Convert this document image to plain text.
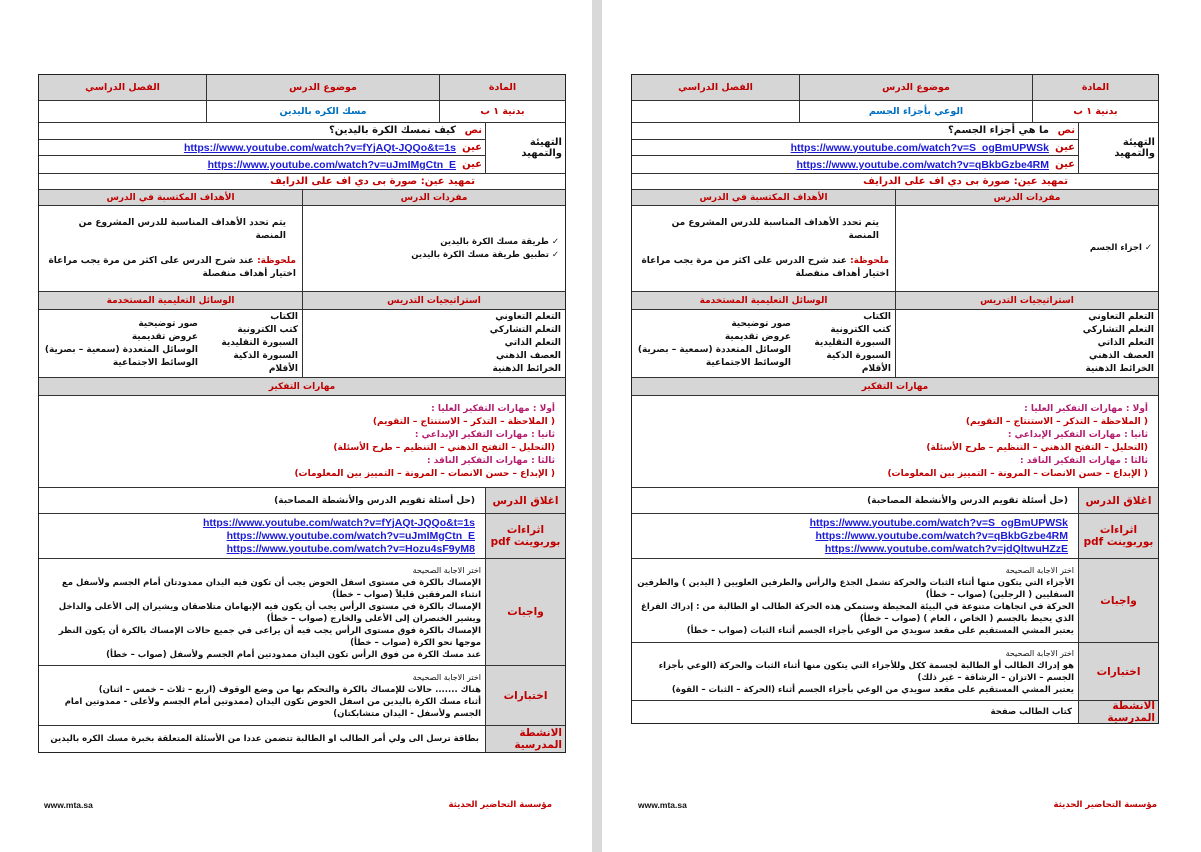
المادة
موضوع الدرس
الفصل الدراسي
بدنية ١ ب
مسك الكره باليدين
التهيئة والتمهيد
نص
كيف نمسك الكرة باليدين؟
عين
https://www.youtube.com/watch?v=fYjAQt-JQQo&t=1s
عين
https://www.youtube.com/watch?v=uJmIMgCtn_E
تمهيد عين: صورة بى دي اف على الدرايف
مفردات الدرس
الأهداف المكتسبة في الدرس
✓ طريقة مسك الكرة باليدين
✓ تطبيق طريقة مسك الكرة باليدين
يتم تحدد الأهداف المناسبة للدرس المشروع من المنصة
ملحوظة: عند شرح الدرس على اكثر من مرة يجب مراعاة اختيار أهداف منفصلة
استراتيجيات التدريس
الوسائل التعليمية المستخدمة
التعلم التعاوني
التعلم التشاركي
التعلم الذاتي
العصف الذهني
الخرائط الذهنية
الكتاب
كتب الكترونية
السبورة التقليدية
السبورة الذكية
الأقلام
صور توضيحية
عروض تقديمية
الوسائل المتعددة (سمعية – بصرية)
الوسائط الاجتماعية
مهارات التفكير
أولا : مهارات التفكير العليا :
( الملاحظة – التذكر – الاستنتاج – التقويم)
ثانيا : مهارات التفكير الإبداعي :
(التحليل – التفتح الذهني – التنظيم – طرح الأسئلة)
ثالثا : مهارات التفكير الناقد :
( الإبداع – حسن الانصات – المرونة – التمييز بين المعلومات)
اغلاق الدرس
(حل أسئلة تقويم الدرس والأنشطة المصاحبة)
اثراءات بوربوينت pdf
https://www.youtube.com/watch?v=fYjAQt-JQQo&t=1s
https://www.youtube.com/watch?v=uJmIMgCtn_E
https://www.youtube.com/watch?v=Hozu4sF9yM8
واجبات
اختر الاجابة الصحيحة
الإمساك بالكرة في مستوى اسفل الحوض يجب أن تكون فيه اليدان ممدودتان أمام الجسم ولأسفل مع انثناء المرفقين قليلاً (صواب – خطأ)
الإمساك بالكرة في مستوى الرأس يجب أن يكون فيه الإبهامان متلاصقان ويشيران إلى الأعلى والداخل ويشير الخنصران إلى الأعلى والخارج (صواب – خطأ)
الإمساك بالكرة فوق مستوى الرأس يجب فيه أن يراعى في جميع حالات الإمساك بالكرة أن يكون النظر موجها نحو الكرة (صواب – خطأ)
عند مسك الكرة من فوق الرأس تكون اليدان ممدودتين أمام الجسم ولأسفل (صواب – خطأ)
اختبارات
اختر الاجابة الصحيحة
هناك ....... حالات للإمساك بالكرة والتحكم بها من وضع الوقوف (اربع – ثلاث – خمس – اثنان)
أثناء مسك الكرة باليدين من اسفل الحوض تكون اليدان (ممدوتين أمام الجسم ولأعلى - ممدوتين امام الجسم ولأسفل - اليدان متشابكتان)
الانشطة المدرسية
بطاقة ترسل الى ولي أمر الطالب او الطالبة تتضمن عددا من الأسئلة المتعلقة بخبرة مسك الكره باليدين
www.mta.sa	مؤسسة التحاضير الحديثة
المادة
موضوع الدرس
الفصل الدراسي
بدنية ١ ب
الوعي بأجزاء الجسم
التهيئة والتمهيد
نص
ما هي أجزاء الجسم؟
عين
https://www.youtube.com/watch?v=S_ogBmUPWSk
عين
https://www.youtube.com/watch?v=qBkbGzbe4RM
تمهيد عين: صورة بى دي اف على الدرايف
مفردات الدرس
الأهداف المكتسبة في الدرس
✓ اجزاء الجسم
يتم تحدد الأهداف المناسبة للدرس المشروع من المنصة
ملحوظة: عند شرح الدرس على اكثر من مرة يجب مراعاة اختيار أهداف منفصلة
استراتيجيات التدريس
الوسائل التعليمية المستخدمة
التعلم التعاوني
التعلم التشاركي
التعلم الذاتي
العصف الذهني
الخرائط الذهنية
الكتاب
كتب الكترونية
السبورة التقليدية
السبورة الذكية
الأقلام
صور توضيحية
عروض تقديمية
الوسائل المتعددة (سمعية – بصرية)
الوسائط الاجتماعية
مهارات التفكير
أولا : مهارات التفكير العليا :
( الملاحظة – التذكر – الاستنتاج – التقويم)
ثانيا : مهارات التفكير الإبداعي :
(التحليل – التفتح الذهني – التنظيم – طرح الأسئلة)
ثالثا : مهارات التفكير الناقد :
( الإبداع – حسن الانصات – المرونة – التمييز بين المعلومات)
اغلاق الدرس
(حل أسئلة تقويم الدرس والأنشطة المصاحبة)
اثراءات بوربوينت pdf
https://www.youtube.com/watch?v=S_ogBmUPWSk
https://www.youtube.com/watch?v=qBkbGzbe4RM
https://www.youtube.com/watch?v=jdQltwuHZzE
واجبات
اختر الاجابة الصحيحة
الأجزاء التي يتكون منها أثناء الثبات والحركة تشمل الجذع والرأس والطرفين العلويين ( اليدين ) والطرفين السفليين ( الرجلين) (صواب – خطأ)
الحركة في اتجاهات متنوعة في البيئة المحيطة وستمكن هذه الحركة الطالب او الطالبة من : إدراك الفراغ الذي يحيط بالجسم ( الخاص ، العام ) (صواب – خطأ)
يعتبر المشي المستقيم على مقعد سويدي من الوعي بأجزاء الجسم أثناء الثبات (صواب – خطأ)
اختبارات
اختر الاجابة الصحيحة
هو إدراك الطالب أو الطالبة لجسمة ككل وللأجزاء التي يتكون منها أثناء الثبات والحركة (الوعي بأجزاء الجسم – الاتزان – الرشاقة – غير ذلك)
يعتبر المشي المستقيم على مقعد سويدي من الوعي بأجزاء الجسم أثناء (الحركة – الثبات – القوة)
الانشطة المدرسية
كتاب الطالب صفحة
www.mta.sa	مؤسسة التحاضير الحديثة
